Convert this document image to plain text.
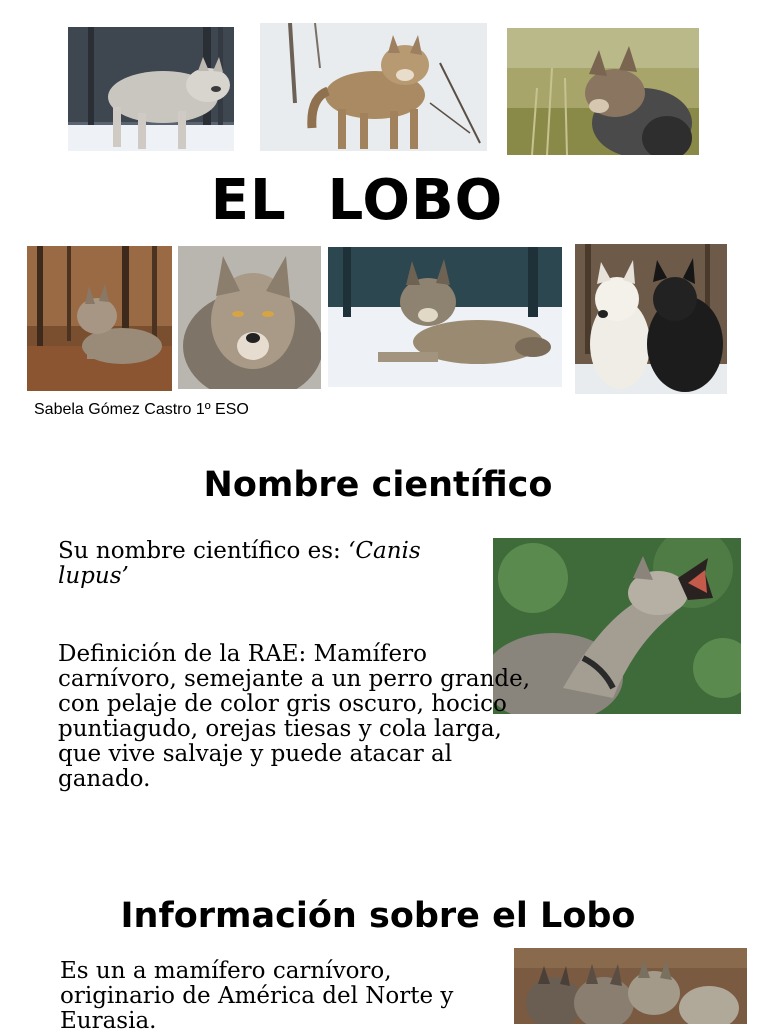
EL  LOBO
Sabela Gómez Castro 1º ESO
Nombre científico
Su nombre científico es: ‘Canis lupus’
Definición de la RAE: Mamífero carnívoro, semejante a un perro grande, con pelaje de color gris oscuro, hocico puntiagudo, orejas tiesas y cola larga, que vive salvaje y puede atacar al ganado.
Información sobre el Lobo
Es un a mamífero carnívoro, originario de América del Norte y Eurasia.
